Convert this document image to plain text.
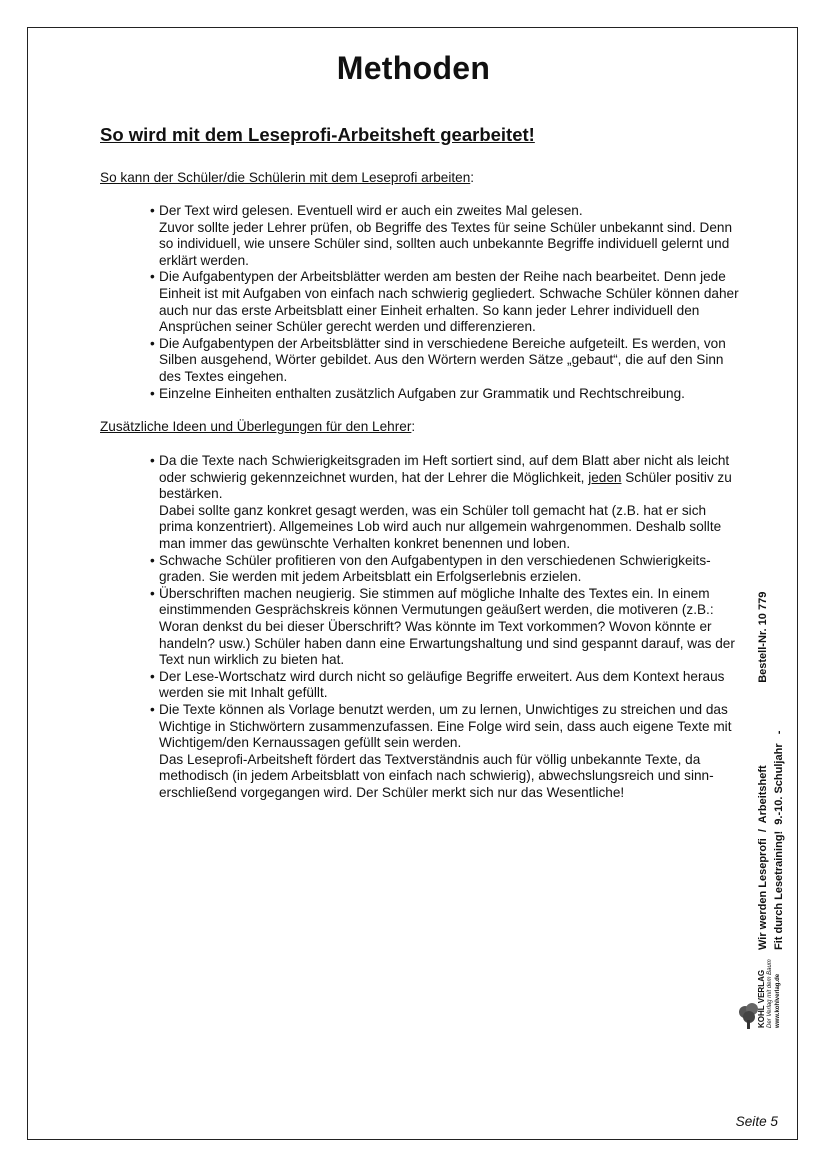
Methoden
So wird mit dem Leseprofi-Arbeitsheft gearbeitet!
So kann der Schüler/die Schülerin mit dem Leseprofi arbeiten:

• Der Text wird gelesen. Eventuell wird er auch ein zweites Mal gelesen.

Zuvor sollte jeder Lehrer prüfen, ob Begriffe des Textes für seine Schüler unbekannt sind. Denn so individuell, wie unsere Schüler sind, sollten auch unbekannte Begriffe individuell gelernt und erklärt werden.

• Die Aufgabentypen der Arbeitsblätter werden am besten der Reihe nach bearbeitet. Denn jede Einheit ist mit Aufgaben von einfach nach schwierig gegliedert. Schwache Schüler können daher auch nur das erste Arbeitsblatt einer Einheit erhalten. So kann jeder Lehrer individuell den Ansprüchen seiner Schüler gerecht werden und differenzieren.

• Die Aufgabentypen der Arbeitsblätter sind in verschiedene Bereiche aufgeteilt. Es werden, von Silben ausgehend, Wörter gebildet. Aus den Wörtern werden Sätze „gebaut“, die auf den Sinn des Textes eingehen.

• Einzelne Einheiten enthalten zusätzlich Aufgaben zur Grammatik und Rechtschreibung.

Zusätzliche Ideen und Überlegungen für den Lehrer:

• Da die Texte nach Schwierigkeitsgraden im Heft sortiert sind, auf dem Blatt aber nicht als leicht oder schwierig gekennzeichnet wurden, hat der Lehrer die Möglichkeit, jeden Schüler positiv zu bestärken.

Dabei sollte ganz konkret gesagt werden, was ein Schüler toll gemacht hat (z.B. hat er sich prima konzentriert). Allgemeines Lob wird auch nur allgemein wahrgenommen. Deshalb sollte man immer das gewünschte Verhalten konkret benennen und loben.

• Schwache Schüler profitieren von den Aufgabentypen in den verschiedenen Schwierigkeits-graden. Sie werden mit jedem Arbeitsblatt ein Erfolgserlebnis erzielen.

• Überschriften machen neugierig. Sie stimmen auf mögliche Inhalte des Textes ein. In einem einstimmenden Gesprächskreis können Vermutungen geäußert werden, die motiveren (z.B.: Woran denkst du bei dieser Überschrift? Was könnte im Text vorkommen? Wovon könnte er handeln? usw.) Schüler haben dann eine Erwartungshaltung und sind gespannt darauf, was der Text nun wirklich zu bieten hat.

• Der Lese-Wortschatz wird durch nicht so geläufige Begriffe erweitert. Aus dem Kontext heraus werden sie mit Inhalt gefüllt.

• Die Texte können als Vorlage benutzt werden, um zu lernen, Unwichtiges zu streichen und das Wichtige in Stichwörtern zusammenzufassen. Eine Folge wird sein, dass auch eigene Texte mit Wichtigem/den Kernaussagen gefüllt sein werden.

Das Leseprofi-Arbeitsheft fördert das Textverständnis auch für völlig unbekannte Texte, da methodisch (in jedem Arbeitsblatt von einfach nach schwierig), abwechslungsreich und sinn-erschließend vorgegangen wird. Der Schüler merkt sich nur das Wesentliche!	Wir werden Leseprofi  /  Arbeitsheft                           Bestell-Nr. 10 779 Fit durch Lesetraining!  9.-10. Schuljahr   -
KOHL VERLAG Der Verlag mit dem Baum www.kohlverlag.de
Seite 5
